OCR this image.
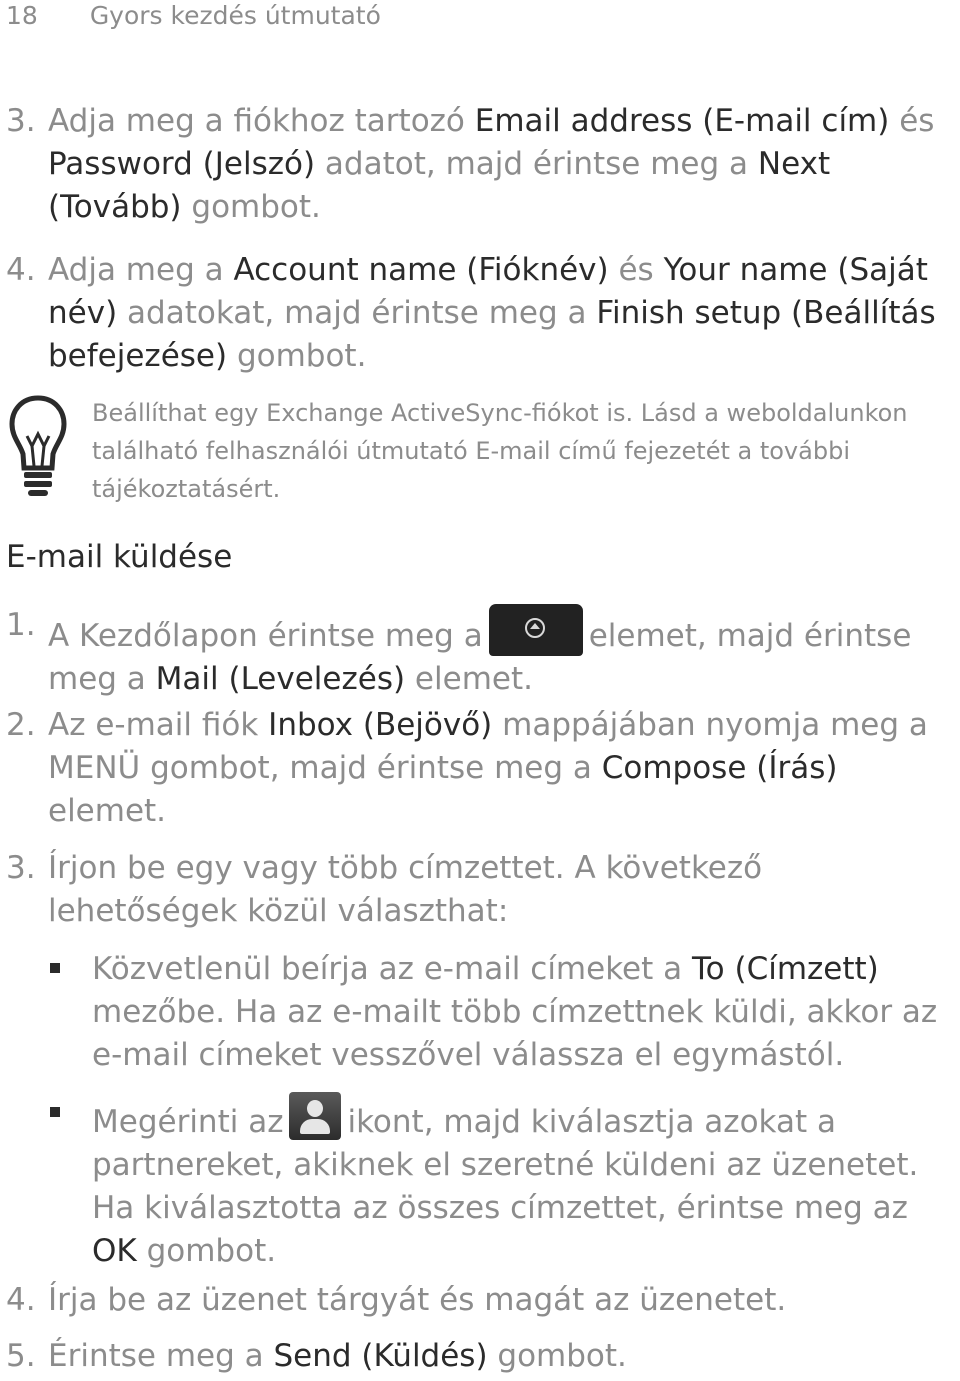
18 Gyors kezdés útmutató
3. Adja meg a fiókhoz tartozó Email address (E-mail cím) és Password (Jelszó) adatot, majd érintse meg a Next (Tovább) gombot.
4. Adja meg a Account name (Fióknév) és Your name (Saját név) adatokat, majd érintse meg a Finish setup (Beállítás befejezése) gombot.
Beállíthat egy Exchange ActiveSync-fiókot is. Lásd a weboldalunkon található felhasználói útmutató E-mail című fejezetét a további tájékoztatásért.
E-mail küldése
1. A Kezdőlapon érintse meg a	elemet, majd érintse meg a Mail (Levelezés) elemet.
2. Az e-mail fiók Inbox (Bejövő) mappájában nyomja meg a MENÜ gombot, majd érintse meg a Compose (Írás) elemet.
3. Írjon be egy vagy több címzettet. A következő lehetőségek közül választhat:
Közvetlenül beírja az e-mail címeket a To (Címzett) mezőbe. Ha az e-mailt több címzettnek küldi, akkor az e-mail címeket vesszővel válassza el egymástól.
Megérinti az ikont, majd kiválasztja azokat a partnereket, akiknek el szeretné küldeni az üzenetet. Ha kiválasztotta az összes címzettet, érintse meg az OK gombot.
4. Írja be az üzenet tárgyát és magát az üzenetet.
5. Érintse meg a Send (Küldés) gombot.
